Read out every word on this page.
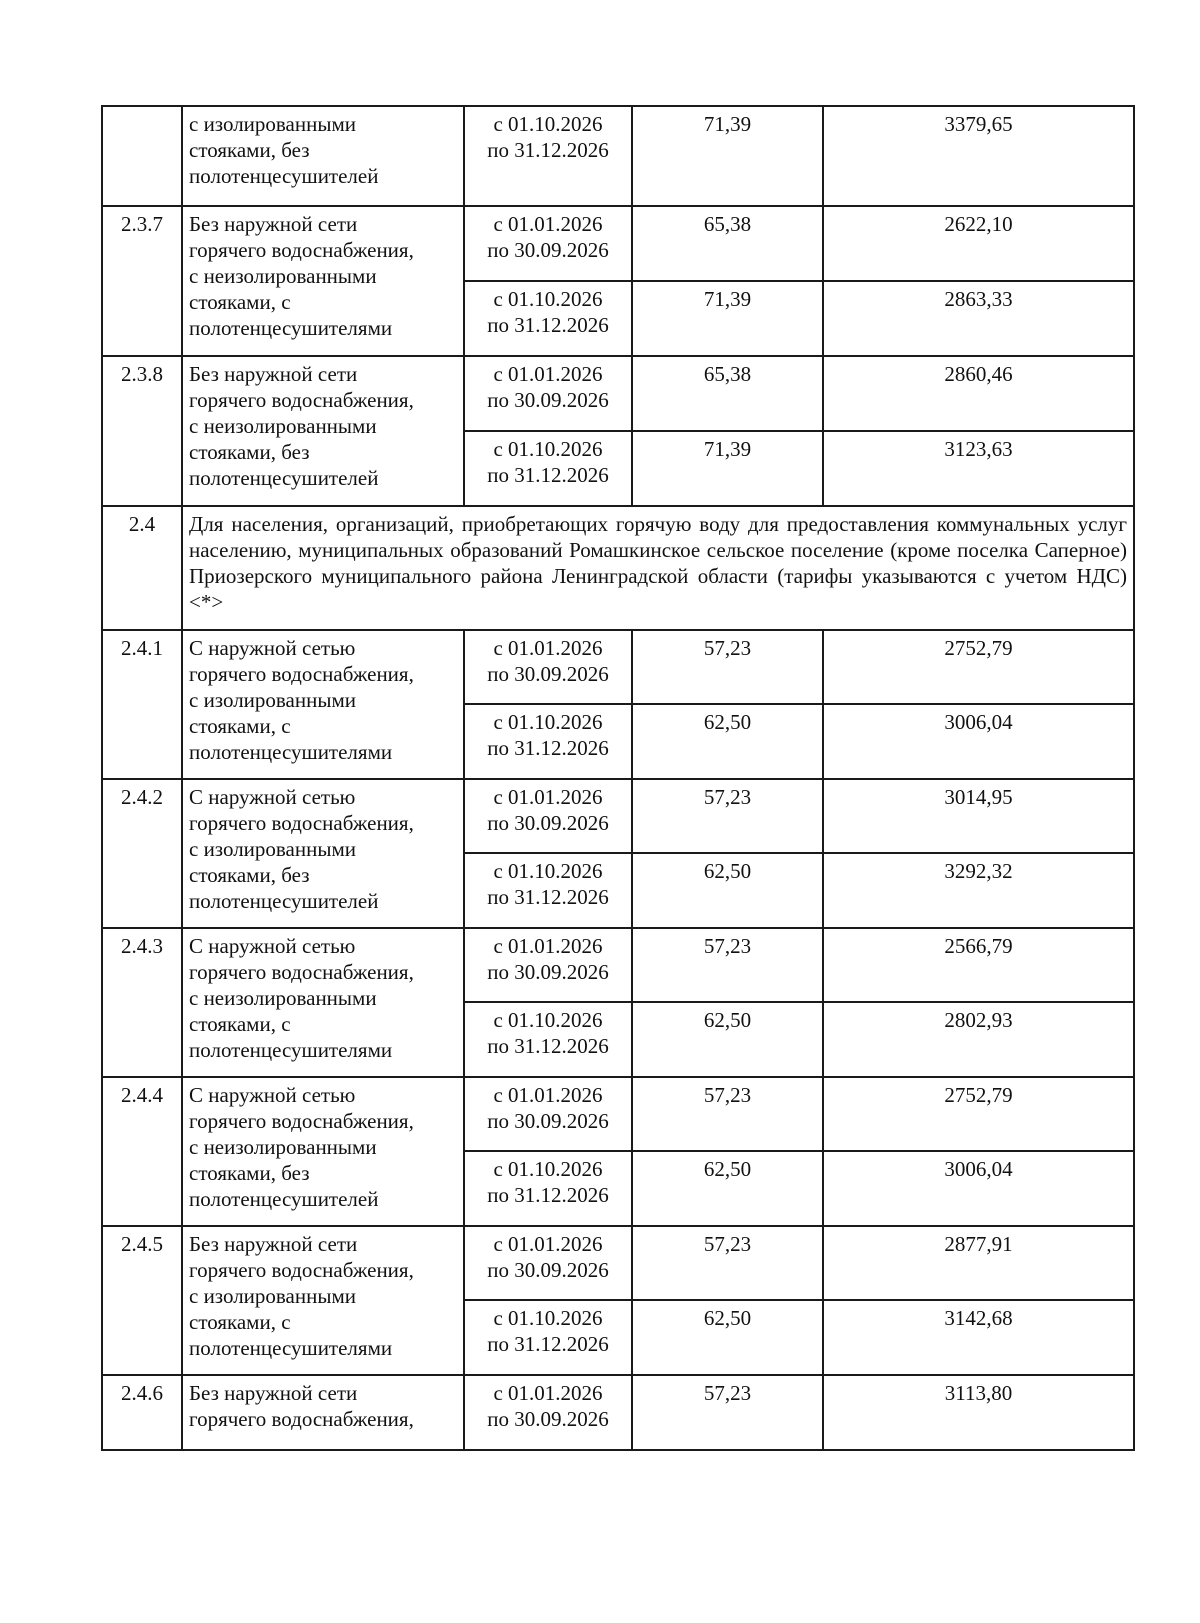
	с изолированными
стояками, без
полотенцесушителей	с 01.10.2026
по 31.12.2026	71,39	3379,65
2.3.7	Без наружной сети
горячего водоснабжения,
с неизолированными
стояками, с
полотенцесушителями	с 01.01.2026
по 30.09.2026	65,38	2622,10

		с 01.10.2026
по 31.12.2026	71,39	2863,33
2.3.8	Без наружной сети
горячего водоснабжения,
с неизолированными
стояками, без
полотенцесушителей	с 01.01.2026
по 30.09.2026	65,38	2860,46

		с 01.10.2026
по 31.12.2026	71,39	3123,63
2.4	Для населения, организаций, приобретающих горячую воду для предоставления коммунальных услуг населению, муниципальных образований Ромашкинское сельское поселение (кроме поселка Саперное) Приозерского муниципального района Ленинградской области (тарифы указываются с учетом НДС) <*>			
2.4.1	С наружной сетью
горячего водоснабжения,
с изолированными
стояками, с
полотенцесушителями	с 01.01.2026
по 30.09.2026	57,23	2752,79

		с 01.10.2026
по 31.12.2026	62,50	3006,04
2.4.2	С наружной сетью
горячего водоснабжения,
с изолированными
стояками, без
полотенцесушителей	с 01.01.2026
по 30.09.2026	57,23	3014,95

		с 01.10.2026
по 31.12.2026	62,50	3292,32
2.4.3	С наружной сетью
горячего водоснабжения,
с неизолированными
стояками, с
полотенцесушителями	с 01.01.2026
по 30.09.2026	57,23	2566,79

		с 01.10.2026
по 31.12.2026	62,50	2802,93
2.4.4	С наружной сетью
горячего водоснабжения,
с неизолированными
стояками, без
полотенцесушителей	с 01.01.2026
по 30.09.2026	57,23	2752,79

		с 01.10.2026
по 31.12.2026	62,50	3006,04
2.4.5	Без наружной сети
горячего водоснабжения,
с изолированными
стояками, с
полотенцесушителями	с 01.01.2026
по 30.09.2026	57,23	2877,91

		с 01.10.2026
по 31.12.2026	62,50	3142,68
2.4.6	Без наружной сети
горячего водоснабжения,	с 01.01.2026
по 30.09.2026	57,23	3113,80
